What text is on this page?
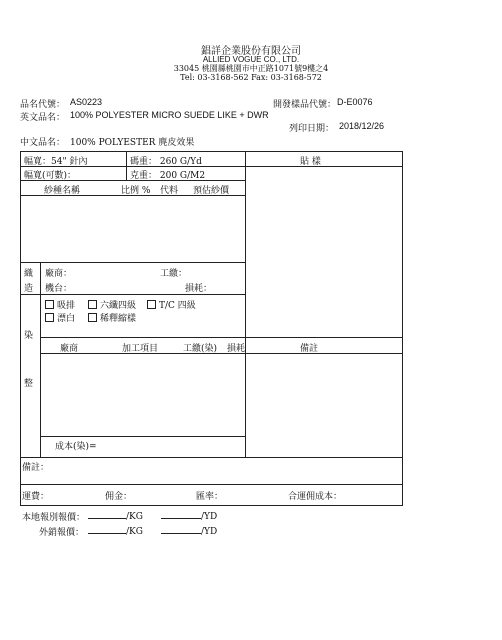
錩詳企業股份有限公司
ALLIED VOGUE CO., LTD.
33045 桃園縣桃園市中正路1071號9樓之4
Tel: 03-3168-562 Fax: 03-3168-572
品名代號： AS0223	開發樣品代號： D-E0076
英文品名： 100% POLYESTER MICRO SUEDE LIKE + DWR
列印日期： 2018/12/26
中文品名： 100% POLYESTER 麂皮效果
幅寬：54" 針內	碼重： 260 G/Yd	貼 樣
幅寬(可數)：	克重： 200 G/M2
紗種名稱	比例 % 代料 預估紗價
織
造
廠商：	工繳：
機台：	損耗：
吸排	六纖四級	T/C 四級
漂白	稀釋縮樣
廠商	加工項目	工繳(染) 損耗	備註
染
整
成本(染)=
備註：
運費：	佣金：	匯率：	合運佣成本：
本地報別報價：	/KG	/YD
外銷報價：	/KG	/YD
